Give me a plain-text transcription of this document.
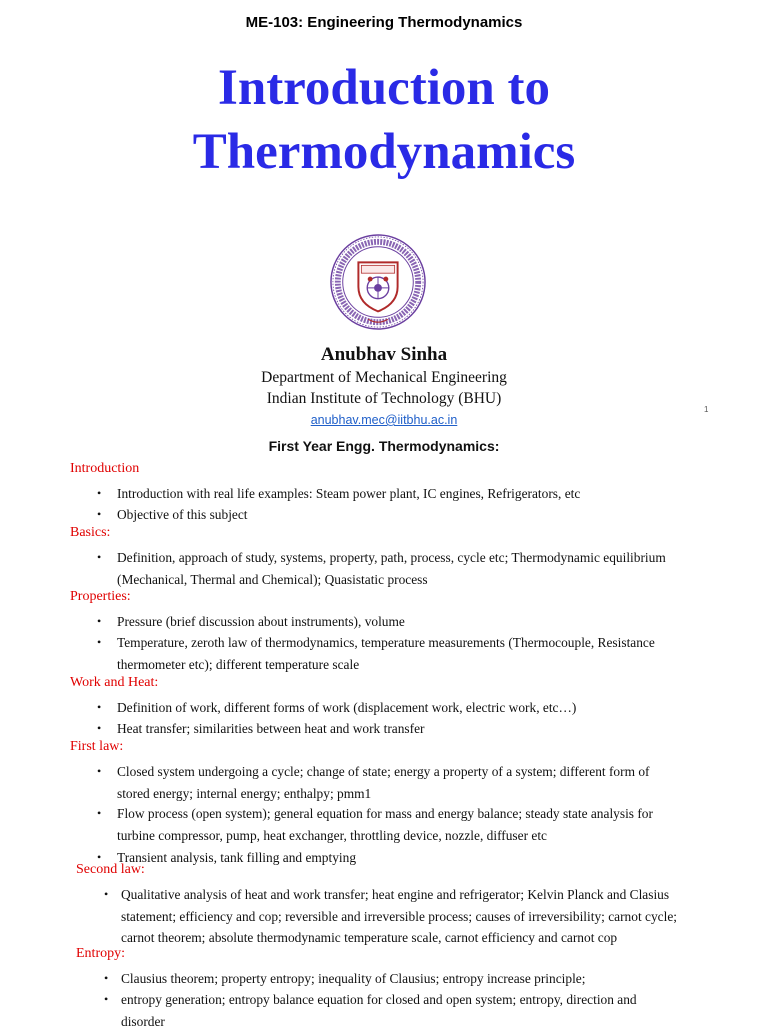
ME-103: Engineering Thermodynamics
Introduction to
Thermodynamics
Anubhav Sinha
Department of Mechanical Engineering
Indian Institute of Technology (BHU)
anubhav.mec@iitbhu.ac.in
1
First Year Engg. Thermodynamics:
Introduction
• Introduction with real life examples: Steam power plant, IC engines, Refrigerators, etc
• Objective of this subject
Basics:
• Definition, approach of study, systems, property, path, process, cycle etc; Thermodynamic equilibrium
(Mechanical, Thermal and Chemical); Quasistatic process
Properties:
• Pressure (brief discussion about instruments), volume
• Temperature, zeroth law of thermodynamics, temperature measurements (Thermocouple, Resistance
thermometer etc); different temperature scale
Work and Heat:
• Definition of work, different forms of work (displacement work, electric work, etc…)
• Heat transfer; similarities between heat and work transfer
First law:
• Closed system undergoing a cycle; change of state; energy a property of a system; different form of
stored energy; internal energy; enthalpy; pmm1
• Flow process (open system); general equation for mass and energy balance; steady state analysis for
turbine compressor, pump, heat exchanger, throttling device, nozzle, diffuser etc
• Transient analysis, tank filling and emptying
Second law:
• Qualitative analysis of heat and work transfer; heat engine and refrigerator; Kelvin Planck and Clasius
statement; efficiency and cop; reversible and irreversible process; causes of irreversibility; carnot cycle;
carnot theorem; absolute thermodynamic temperature scale, carnot efficiency and carnot cop
Entropy:
• Clausius theorem; property entropy; inequality of Clausius; entropy increase principle;
• entropy generation; entropy balance equation for closed and open system; entropy, direction and
disorder
